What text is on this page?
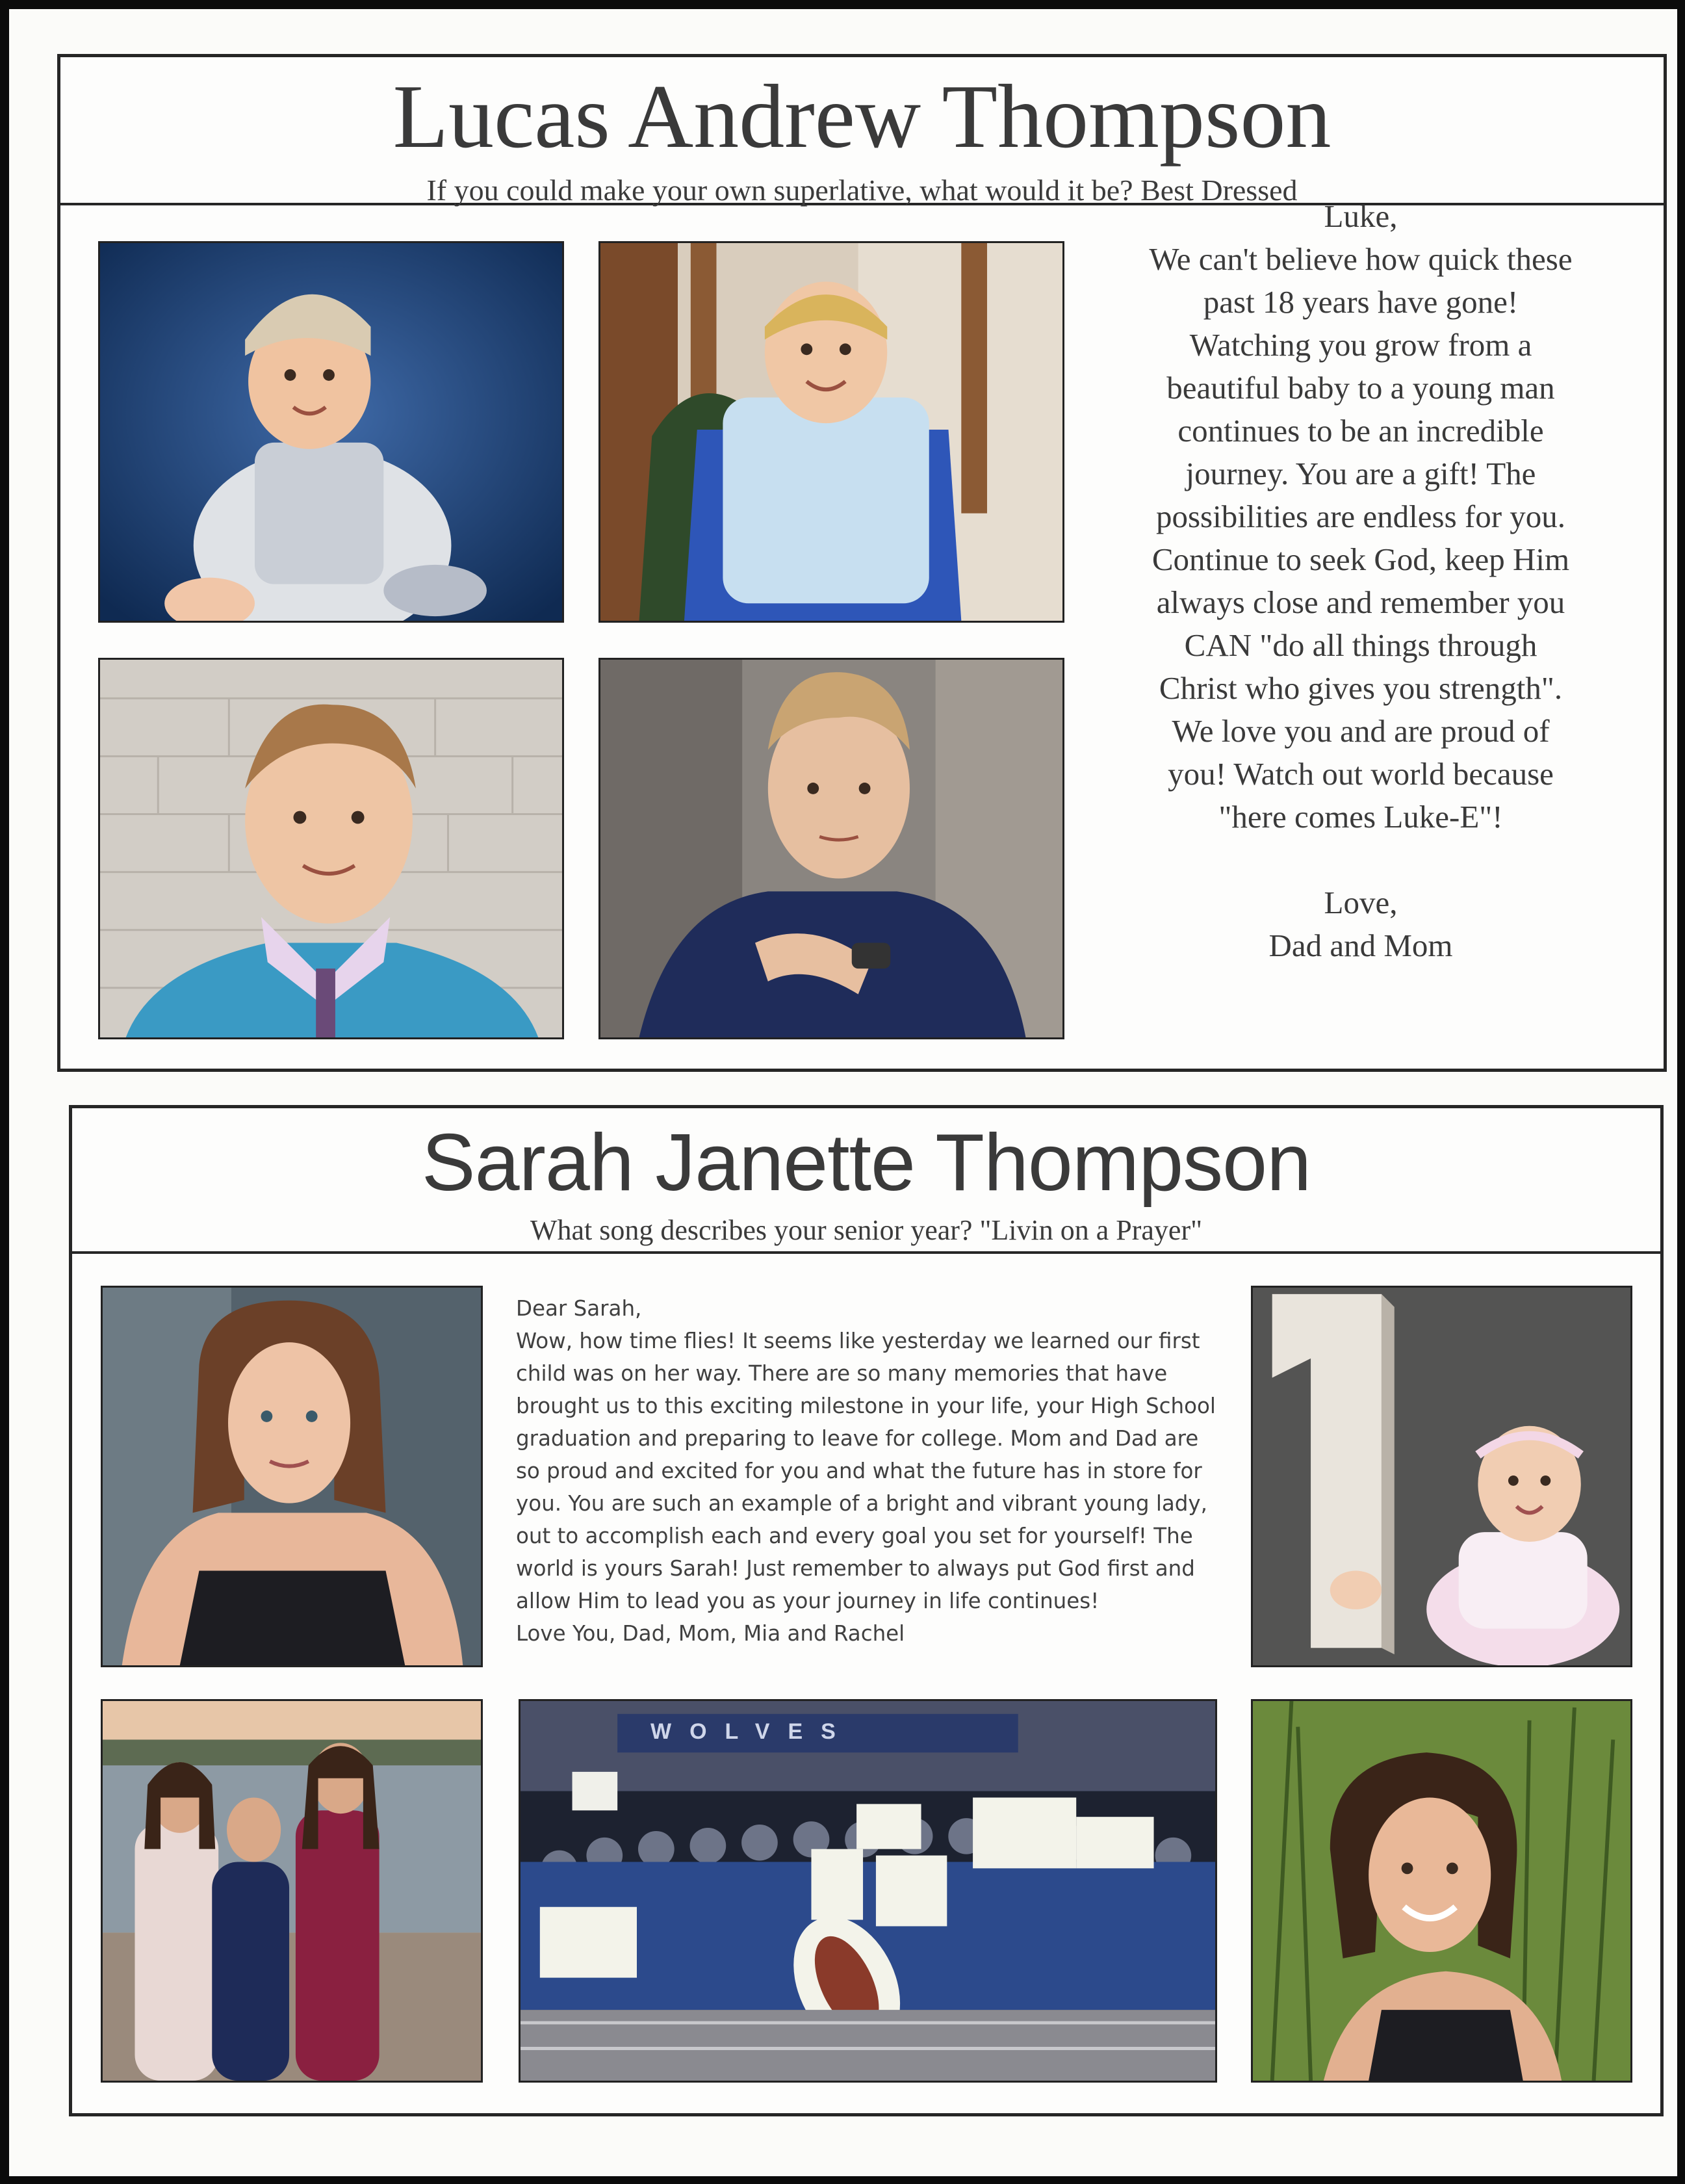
Lucas Andrew Thompson
If you could make your own superlative, what would it be? Best Dressed
Luke,
We can't believe how quick these
past 18 years have gone!
Watching you grow from a
beautiful baby to a young man
continues to be an incredible
journey. You are a gift! The
possibilities are endless for you.
Continue to seek God, keep Him
always close and remember you
CAN "do all things through
Christ who gives you strength".
We love you and are proud of
you! Watch out world because
"here comes Luke-E"!
Love,
Dad and Mom
Sarah Janette Thompson
What song describes your senior year? "Livin on a Prayer"
WOLVES
Dear Sarah,
Wow, how time flies! It seems like yesterday we learned our first
child was on her way. There are so many memories that have
brought us to this exciting milestone in your life, your High School
graduation and preparing to leave for college. Mom and Dad are
so proud and excited for you and what the future has in store for
you. You are such an example of a bright and vibrant young lady,
out to accomplish each and every goal you set for yourself! The
world is yours Sarah! Just remember to always put God first and
allow Him to lead you as your journey in life continues!
Love You, Dad, Mom, Mia and Rachel
